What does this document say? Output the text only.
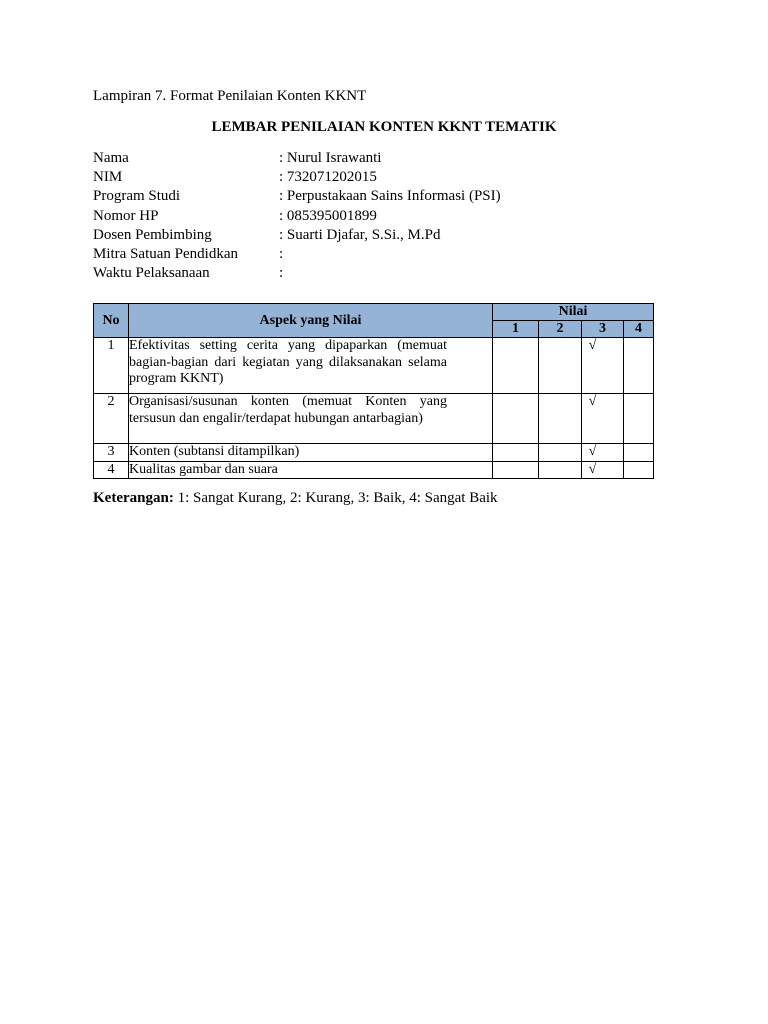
Lampiran 7. Format Penilaian Konten KKNT
LEMBAR PENILAIAN KONTEN KKNT TEMATIK
Nama	: Nurul Israwanti
NIM	: 732071202015
Program Studi	: Perpustakaan Sains Informasi (PSI)
Nomor HP	: 085395001899
Dosen Pembimbing	: Suarti Djafar, S.Si., M.Pd
Mitra Satuan Pendidkan	:
Waktu Pelaksanaan	:
No	Aspek yang Nilai	Nilai			
		1	2	3	4
1	Efektivitas setting cerita yang dipaparkan (memuat bagian-bagian dari kegiatan yang dilaksanakan selama program KKNT)			√	
2	Organisasi/susunan konten (memuat Konten yang tersusun dan engalir/terdapat hubungan antarbagian)			√	
3	Konten (subtansi ditampilkan)			√	
4	Kualitas gambar dan suara			√	
Keterangan: 1: Sangat Kurang, 2: Kurang, 3: Baik, 4: Sangat Baik
